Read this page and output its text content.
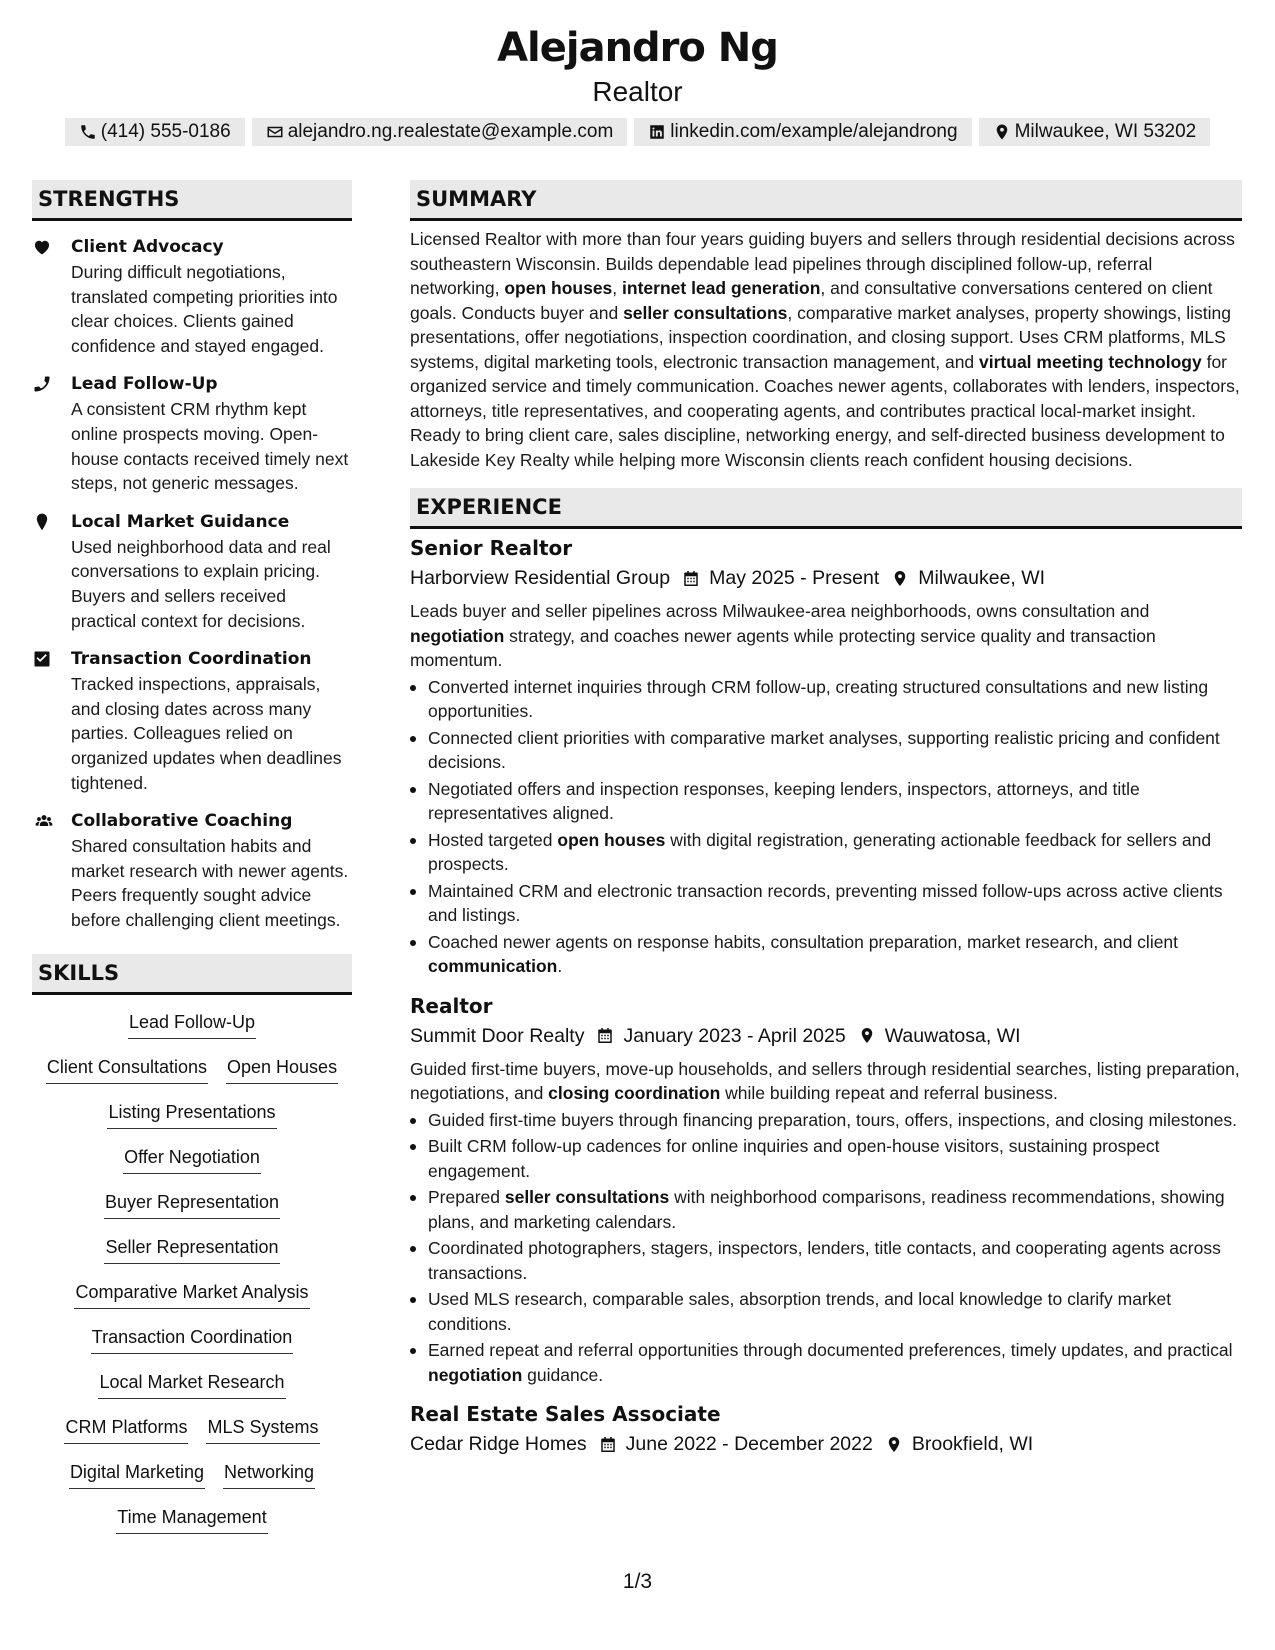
Alejandro Ng
Realtor
(414) 555-0186	alejandro.ng.realestate@example.com	linkedin.com/example/alejandrong	Milwaukee, WI 53202
STRENGTHS
Client Advocacy
During difficult negotiations, translated competing priorities into clear choices. Clients gained confidence and stayed engaged.
Lead Follow-Up
A consistent CRM rhythm kept online prospects moving. Open-house contacts received timely next steps, not generic messages.
Local Market Guidance
Used neighborhood data and real conversations to explain pricing. Buyers and sellers received practical context for decisions.
Transaction Coordination
Tracked inspections, appraisals, and closing dates across many parties. Colleagues relied on organized updates when deadlines tightened.
Collaborative Coaching
Shared consultation habits and market research with newer agents. Peers frequently sought advice before challenging client meetings.
SKILLS
Lead Follow-Up
Client Consultations Open Houses
Listing Presentations
Offer Negotiation
Buyer Representation
Seller Representation
Comparative Market Analysis
Transaction Coordination
Local Market Research
CRM Platforms MLS Systems
Digital Marketing Networking
Time Management
SUMMARY

Licensed Realtor with more than four years guiding buyers and sellers through residential decisions across southeastern Wisconsin. Builds dependable lead pipelines through disciplined follow-up, referral networking, open houses, internet lead generation, and consultative conversations centered on client goals. Conducts buyer and seller consultations, comparative market analyses, property showings, listing presentations, offer negotiations, inspection coordination, and closing support. Uses CRM platforms, MLS systems, digital marketing tools, electronic transaction management, and virtual meeting technology for organized service and timely communication. Coaches newer agents, collaborates with lenders, inspectors, attorneys, title representatives, and cooperating agents, and contributes practical local-market insight. Ready to bring client care, sales discipline, networking energy, and self-directed business development to Lakeside Key Realty while helping more Wisconsin clients reach confident housing decisions.

EXPERIENCE
Senior Realtor
Harborview Residential Group May 2025 - Present Milwaukee, WI

Leads buyer and seller pipelines across Milwaukee-area neighborhoods, owns consultation and negotiation strategy, and coaches newer agents while protecting service quality and transaction momentum.

Converted internet inquiries through CRM follow-up, creating structured consultations and new listing opportunities.
Connected client priorities with comparative market analyses, supporting realistic pricing and confident decisions.
Negotiated offers and inspection responses, keeping lenders, inspectors, attorneys, and title representatives aligned.
Hosted targeted open houses with digital registration, generating actionable feedback for sellers and prospects.
Maintained CRM and electronic transaction records, preventing missed follow-ups across active clients and listings.
Coached newer agents on response habits, consultation preparation, market research, and client communication.
Realtor
Summit Door Realty January 2023 - April 2025 Wauwatosa, WI

Guided first-time buyers, move-up households, and sellers through residential searches, listing preparation, negotiations, and closing coordination while building repeat and referral business.

Guided first-time buyers through financing preparation, tours, offers, inspections, and closing milestones.
Built CRM follow-up cadences for online inquiries and open-house visitors, sustaining prospect engagement.
Prepared seller consultations with neighborhood comparisons, readiness recommendations, showing plans, and marketing calendars.
Coordinated photographers, stagers, inspectors, lenders, title contacts, and cooperating agents across transactions.
Used MLS research, comparable sales, absorption trends, and local knowledge to clarify market conditions.
Earned repeat and referral opportunities through documented preferences, timely updates, and practical negotiation guidance.
Real Estate Sales Associate
Cedar Ridge Homes June 2022 - December 2022 Brookfield, WI
1/3
